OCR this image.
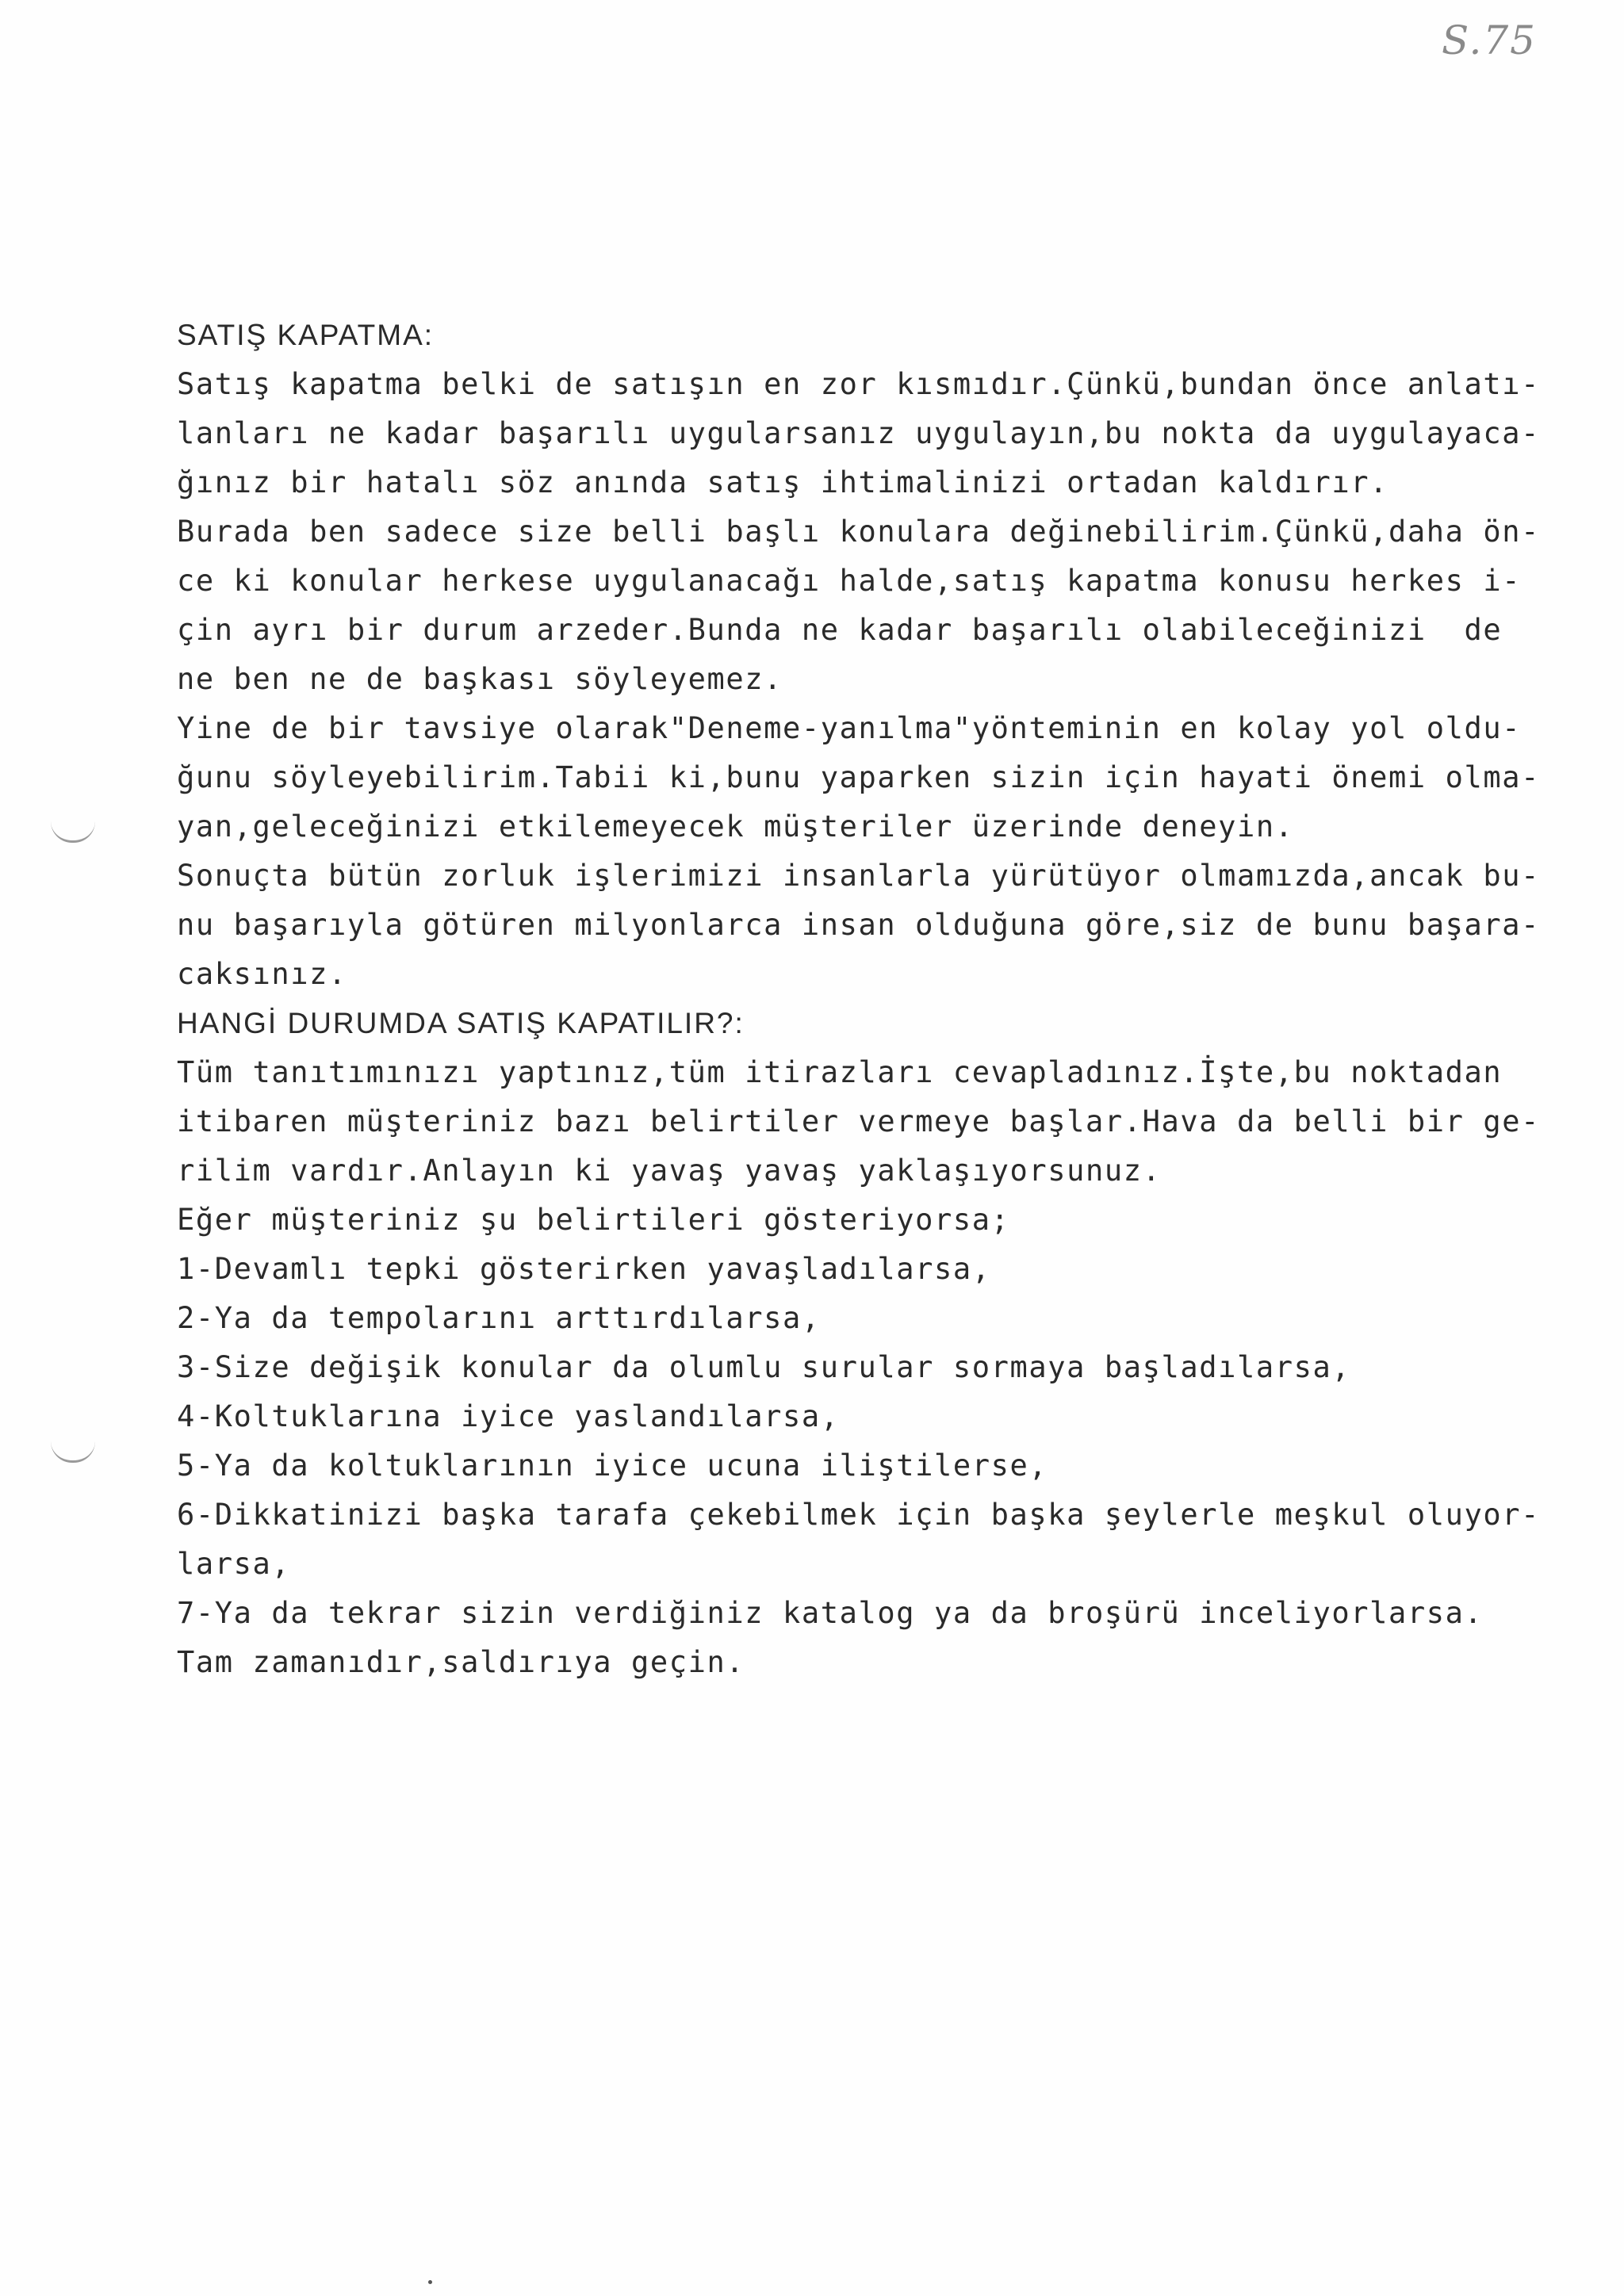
S.75
SATIŞ KAPATMA:
Satış kapatma belki de satışın en zor kısmıdır.Çünkü,bundan önce anlatı-
lanları ne kadar başarılı uygularsanız uygulayın,bu nokta da uygulayaca-
ğınız bir hatalı söz anında satış ihtimalinizi ortadan kaldırır.
Burada ben sadece size belli başlı konulara değinebilirim.Çünkü,daha ön-
ce ki konular herkese uygulanacağı halde,satış kapatma konusu herkes i-
çin ayrı bir durum arzeder.Bunda ne kadar başarılı olabileceğinizi  de
ne ben ne de başkası söyleyemez.
Yine de bir tavsiye olarak"Deneme-yanılma"yönteminin en kolay yol oldu-
ğunu söyleyebilirim.Tabii ki,bunu yaparken sizin için hayati önemi olma-
yan,geleceğinizi etkilemeyecek müşteriler üzerinde deneyin.
Sonuçta bütün zorluk işlerimizi insanlarla yürütüyor olmamızda,ancak bu-
nu başarıyla götüren milyonlarca insan olduğuna göre,siz de bunu başara-
caksınız.
HANGİ DURUMDA SATIŞ KAPATILIR?:
Tüm tanıtımınızı yaptınız,tüm itirazları cevapladınız.İşte,bu noktadan
itibaren müşteriniz bazı belirtiler vermeye başlar.Hava da belli bir ge-
rilim vardır.Anlayın ki yavaş yavaş yaklaşıyorsunuz.
Eğer müşteriniz şu belirtileri gösteriyorsa;
1-Devamlı tepki gösterirken yavaşladılarsa,
2-Ya da tempolarını arttırdılarsa,
3-Size değişik konular da olumlu surular sormaya başladılarsa,
4-Koltuklarına iyice yaslandılarsa,
5-Ya da koltuklarının iyice ucuna iliştilerse,
6-Dikkatinizi başka tarafa çekebilmek için başka şeylerle meşkul oluyor-
larsa,
7-Ya da tekrar sizin verdiğiniz katalog ya da broşürü inceliyorlarsa.
Tam zamanıdır,saldırıya geçin.
